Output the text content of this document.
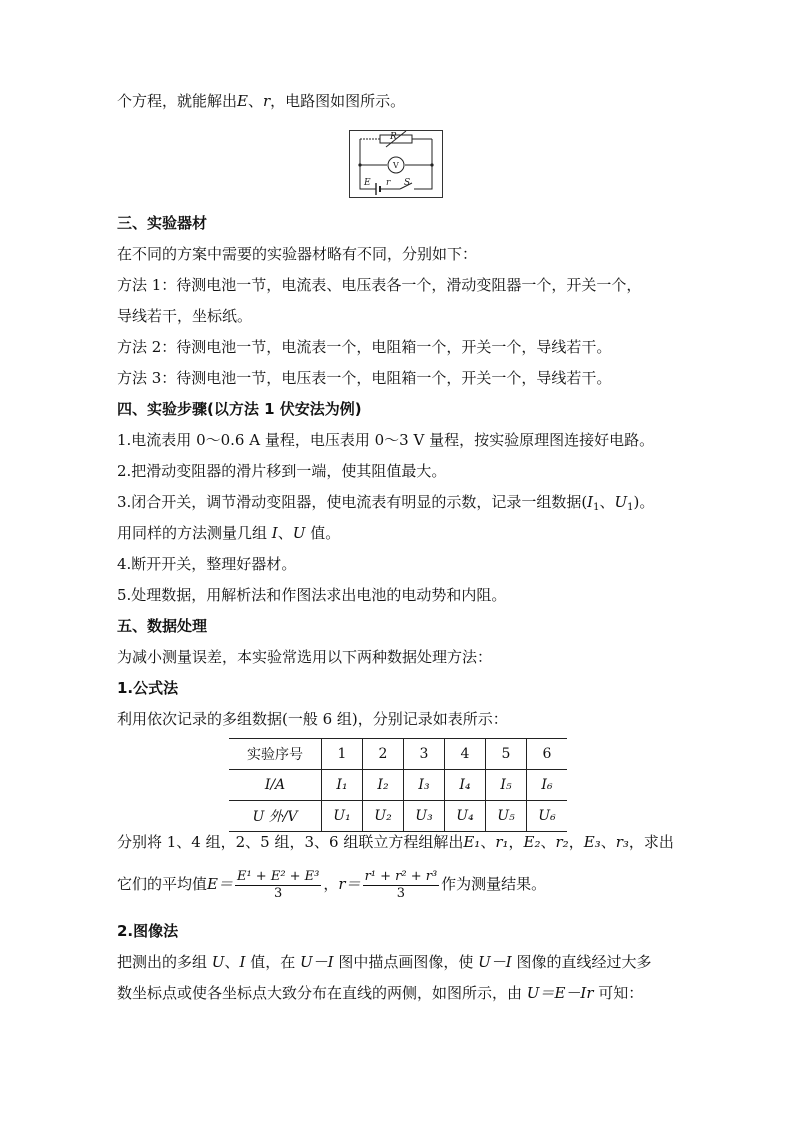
个方程，就能解出E、r，电路图如图所示。
R
V
E r S
三、实验器材
在不同的方案中需要的实验器材略有不同，分别如下：
方法 1：待测电池一节，电流表、电压表各一个，滑动变阻器一个，开关一个，
导线若干，坐标纸。
方法 2：待测电池一节，电流表一个，电阻箱一个，开关一个，导线若干。
方法 3：待测电池一节，电压表一个，电阻箱一个，开关一个，导线若干。
四、实验步骤(以方法 1 伏安法为例)
1.电流表用 0～0.6 A 量程，电压表用 0～3 V 量程，按实验原理图连接好电路。
2.把滑动变阻器的滑片移到一端，使其阻值最大。
3.闭合开关，调节滑动变阻器，使电流表有明显的示数，记录一组数据($I_1$、$U_1$)。
用同样的方法测量几组 I、U 值。
4.断开开关，整理好器材。
5.处理数据，用解析法和作图法求出电池的电动势和内阻。
五、数据处理
为减小测量误差，本实验常选用以下两种数据处理方法：
1.公式法
利用依次记录的多组数据(一般 6 组)，分别记录如表所示：
实验序号	1	2	3	4	5	6
I/A	I₁	I₂	I₃	I₄	I₅	I₆
U 外/V	U₁	U₂	U₃	U₄	U₅	U₆
分别将 1、4 组，2、5 组，3、6 组联立方程组解出E₁、r₁，E₂、r₂，E₃、r₃，求出
它们的平均值$E= \frac{\text{E¹ + E² + E³}}{3}$ ，$r= \frac{\text{r¹ + r² + r³}}{3}$ 作为测量结果。
2.图像法
把测出的多组 U、I 值，在 U－I 图中描点画图像，使 U－I 图像的直线经过大多
数坐标点或使各坐标点大致分布在直线的两侧，如图所示，由 U＝E－Ir 可知：
